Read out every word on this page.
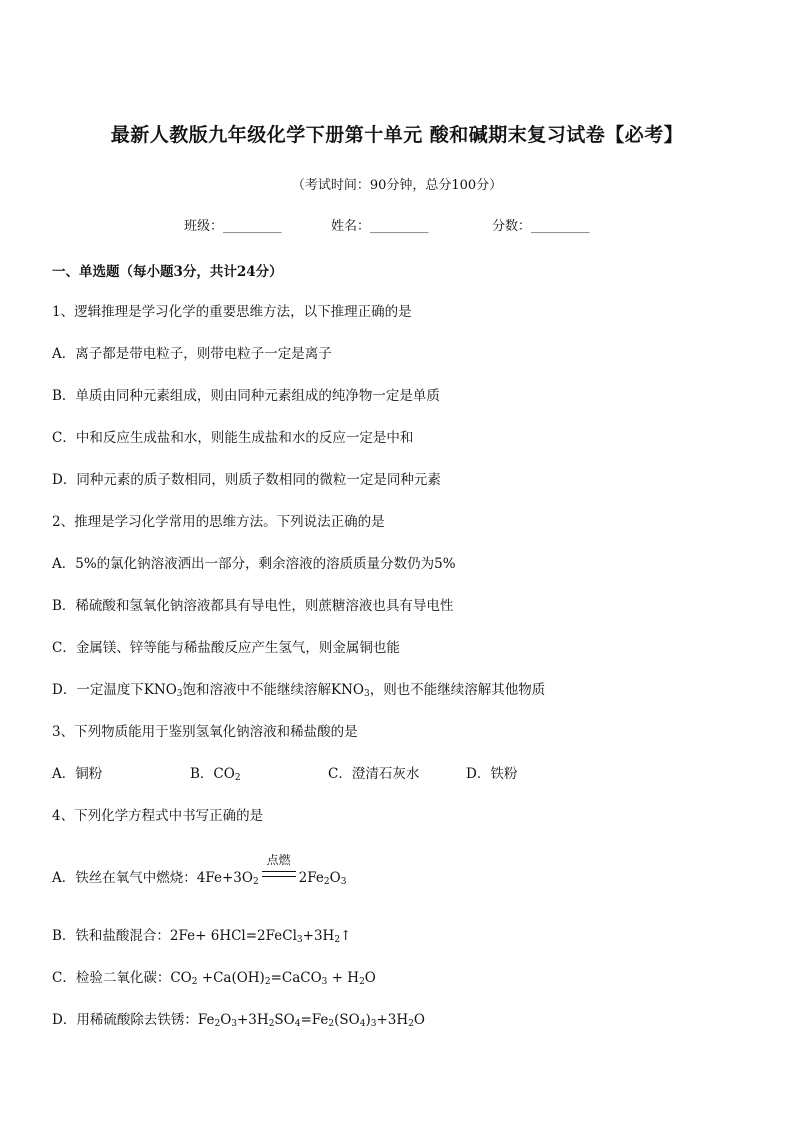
最新人教版九年级化学下册第十单元 酸和碱期末复习试卷【必考】
（考试时间：90分钟，总分100分）
班级：_________	姓名：_________	分数：_________
一、单选题（每小题3分，共计24分）
1、逻辑推理是学习化学的重要思维方法，以下推理正确的是
A．离子都是带电粒子，则带电粒子一定是离子
B．单质由同种元素组成，则由同种元素组成的纯净物一定是单质
C．中和反应生成盐和水，则能生成盐和水的反应一定是中和
D．同种元素的质子数相同，则质子数相同的微粒一定是同种元素
2、推理是学习化学常用的思维方法。下列说法正确的是
A．5%的氯化钠溶液洒出一部分，剩余溶液的溶质质量分数仍为5%
B．稀硫酸和氢氧化钠溶液都具有导电性，则蔗糖溶液也具有导电性
C．金属镁、锌等能与稀盐酸反应产生氢气，则金属铜也能
D．一定温度下$KNO_3$饱和溶液中不能继续溶解$KNO_3$，则也不能继续溶解其他物质
3、下列物质能用于鉴别氢氧化钠溶液和稀盐酸的是
A．铜粉	B．$CO_2$	C．澄清石灰水	D．铁粉
4、下列化学方程式中书写正确的是
A．铁丝在氧气中燃烧：$4Fe+3O_2$
点燃
$2Fe_2O_3$
B．铁和盐酸混合：$2Fe+ 6HCl=2FeCl_3+3H_2↑$
C．检验二氧化碳：$CO_2$ $+Ca(OH)_2=CaCO_3 + H_2O$
D．用稀硫酸除去铁锈：$Fe_2O_3+3H_2SO_4=Fe_2(SO_4)_3+3H_2O$
